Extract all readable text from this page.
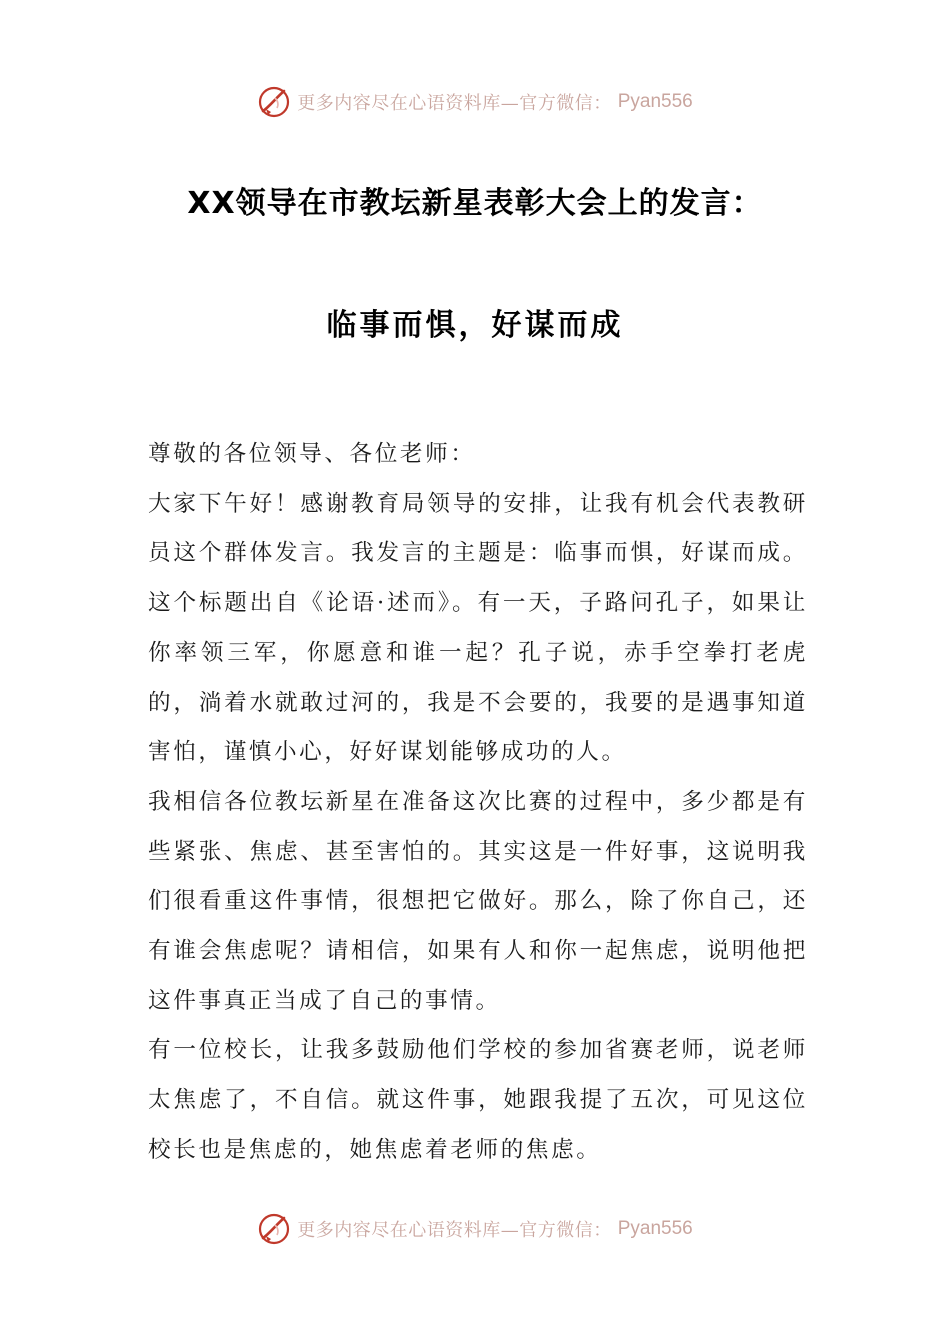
更多内容尽在心语资料库—官方微信： Pyan556
XX领导在市教坛新星表彰大会上的发言：
临事而惧，好谋而成

尊敬的各位领导、各位老师：

大家下午好！感谢教育局领导的安排，让我有机会代表教研员这个群体发言。我发言的主题是：临事而惧，好谋而成。这个标题出自《论语·述而》。有一天，子路问孔子，如果让你率领三军，你愿意和谁一起？孔子说，赤手空拳打老虎的，淌着水就敢过河的，我是不会要的，我要的是遇事知道害怕，谨慎小心，好好谋划能够成功的人。

我相信各位教坛新星在准备这次比赛的过程中，多少都是有些紧张、焦虑、甚至害怕的。其实这是一件好事，这说明我们很看重这件事情，很想把它做好。那么，除了你自己，还有谁会焦虑呢？请相信，如果有人和你一起焦虑，说明他把这件事真正当成了自己的事情。

有一位校长，让我多鼓励他们学校的参加省赛老师，说老师太焦虑了，不自信。就这件事，她跟我提了五次，可见这位校长也是焦虑的，她焦虑着老师的焦虑。

更多内容尽在心语资料库—官方微信： Pyan556
